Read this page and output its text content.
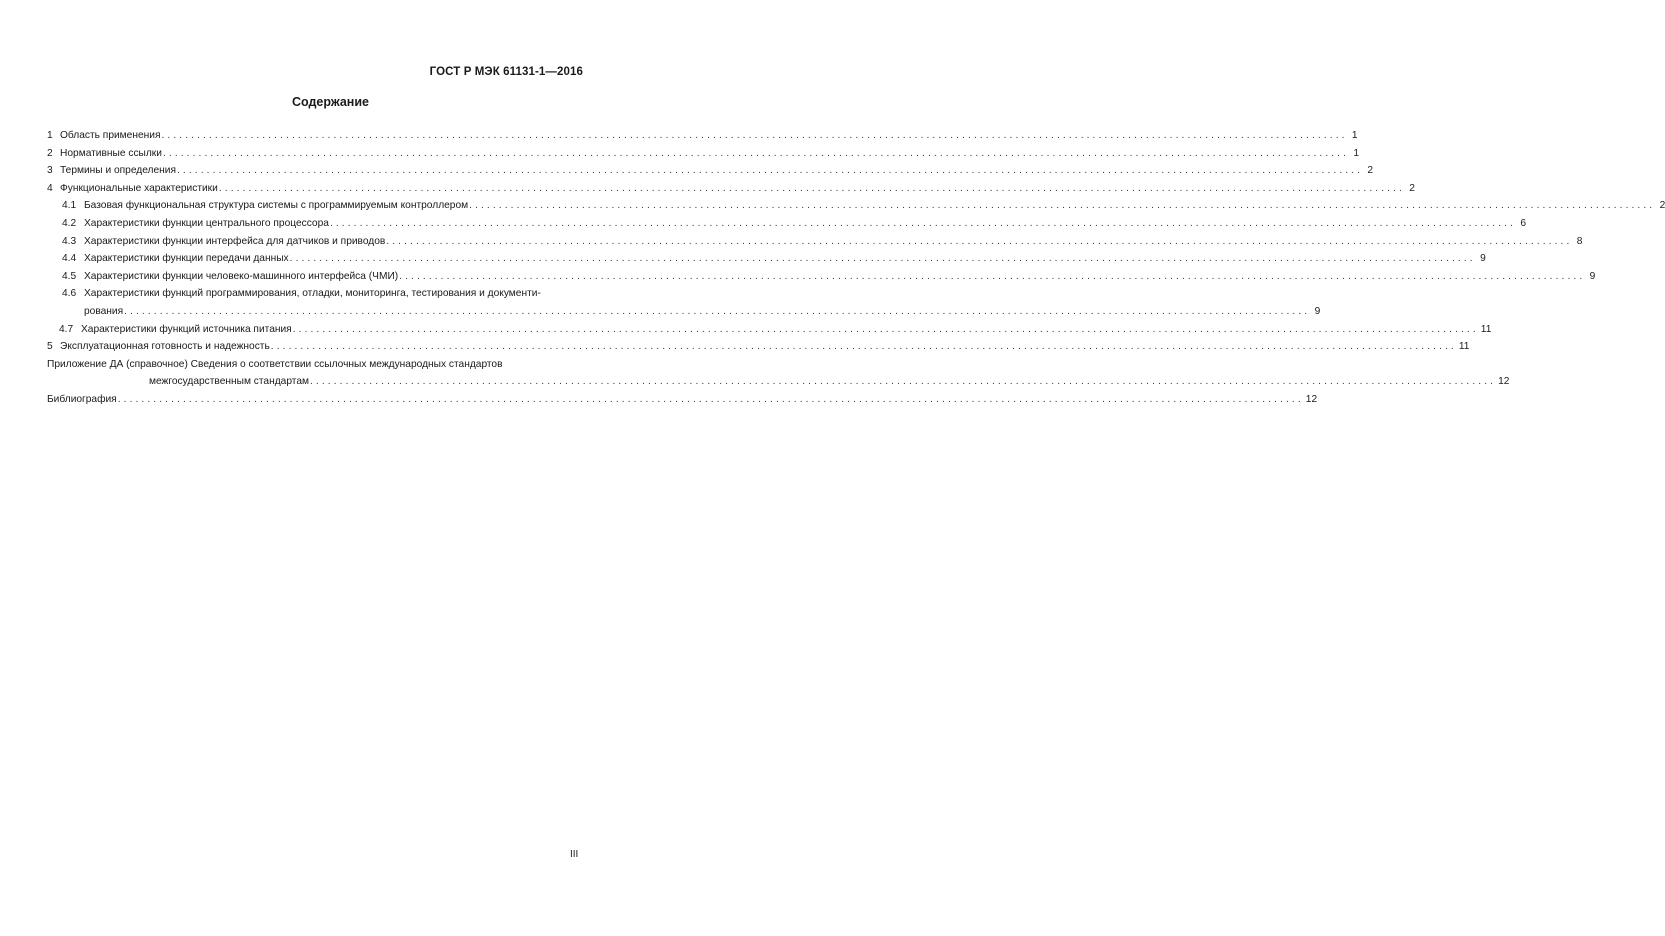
ГОСТ Р МЭК 61131-1—2016
Содержание
1 Область применения ........................................................................................................................................................................................................ 1
2 Нормативные ссылки ........................................................................................................................................................................................................ 1
3 Термины и определения ........................................................................................................................................................................................................ 2
4 Функциональные характеристики ........................................................................................................................................................................................................ 2
4.1 Базовая функциональная структура системы с программируемым контроллером ........................................................................................................................................................................................................ 2
4.2 Характеристики функции центрального процессора ........................................................................................................................................................................................................ 6
4.3 Характеристики функции интерфейса для датчиков и приводов ........................................................................................................................................................................................................ 8
4.4 Характеристики функции передачи данных ........................................................................................................................................................................................................ 9
4.5 Характеристики функции человеко-машинного интерфейса (ЧМИ) ........................................................................................................................................................................................................ 9
4.6 Характеристики функций программирования, отладки, мониторинга, тестирования и документи-
рования ........................................................................................................................................................................................................ 9
4.7 Характеристики функций источника питания ........................................................................................................................................................................................................ 11
5 Эксплуатационная готовность и надежность ........................................................................................................................................................................................................ 11
Приложение ДА (справочное) Сведения о соответствии ссылочных международных стандартов
межгосударственным стандартам ........................................................................................................................................................................................................ 12
Библиография ........................................................................................................................................................................................................ 12
III
